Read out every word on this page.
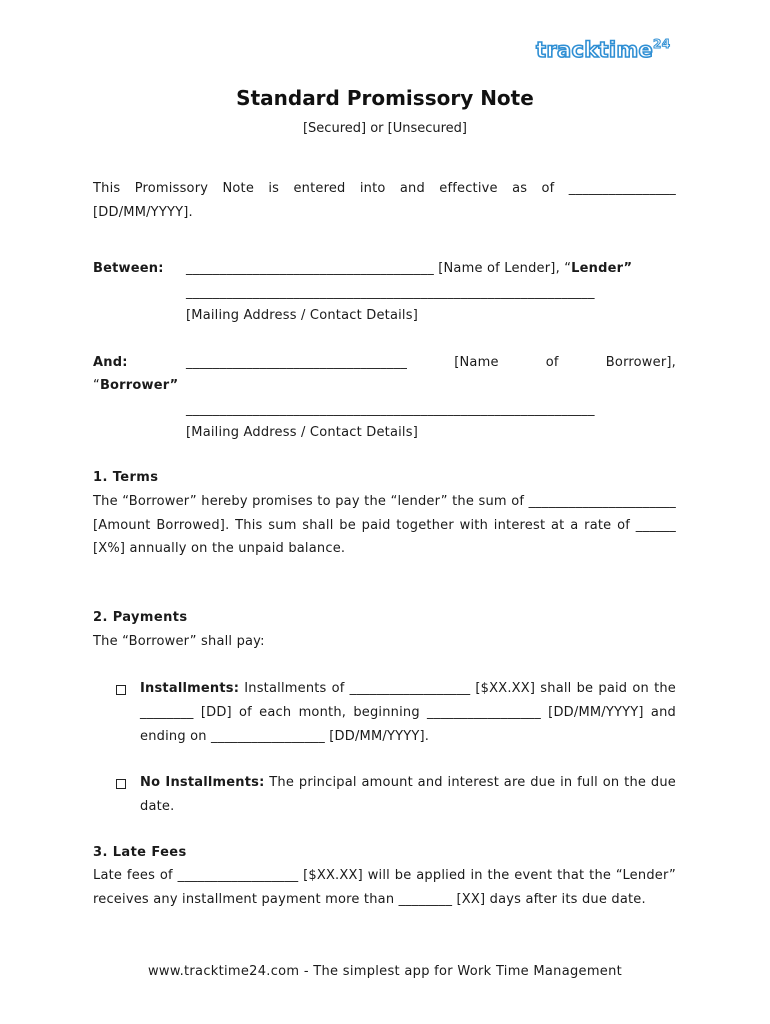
tracktime$^{24}$
Standard Promissory Note
[Secured] or [Unsecured]
This Promissory Note is entered into and effective as of ________________ [DD/MM/YYYY].
Between: _____________________________________ [Name of Lender], “Lender”
_____________________________________________________________
[Mailing Address / Contact Details]
And:	_________________________________ [Name of Borrower],
“Borrower”
_____________________________________________________________
[Mailing Address / Contact Details]
1. Terms
The “Borrower” hereby promises to pay the “lender” the sum of ______________________ [Amount Borrowed]. This sum shall be paid together with interest at a rate of ______ [X%] annually on the unpaid balance.
2. Payments
The “Borrower” shall pay:
Installments: Installments of __________________ [$XX.XX] shall be paid on the ________ [DD] of each month, beginning _________________ [DD/MM/YYYY] and ending on _________________ [DD/MM/YYYY].
No Installments: The principal amount and interest are due in full on the due date.
3. Late Fees
Late fees of __________________ [$XX.XX] will be applied in the event that the “Lender” receives any installment payment more than ________ [XX] days after its due date.
www.tracktime24.com - The simplest app for Work Time Management
